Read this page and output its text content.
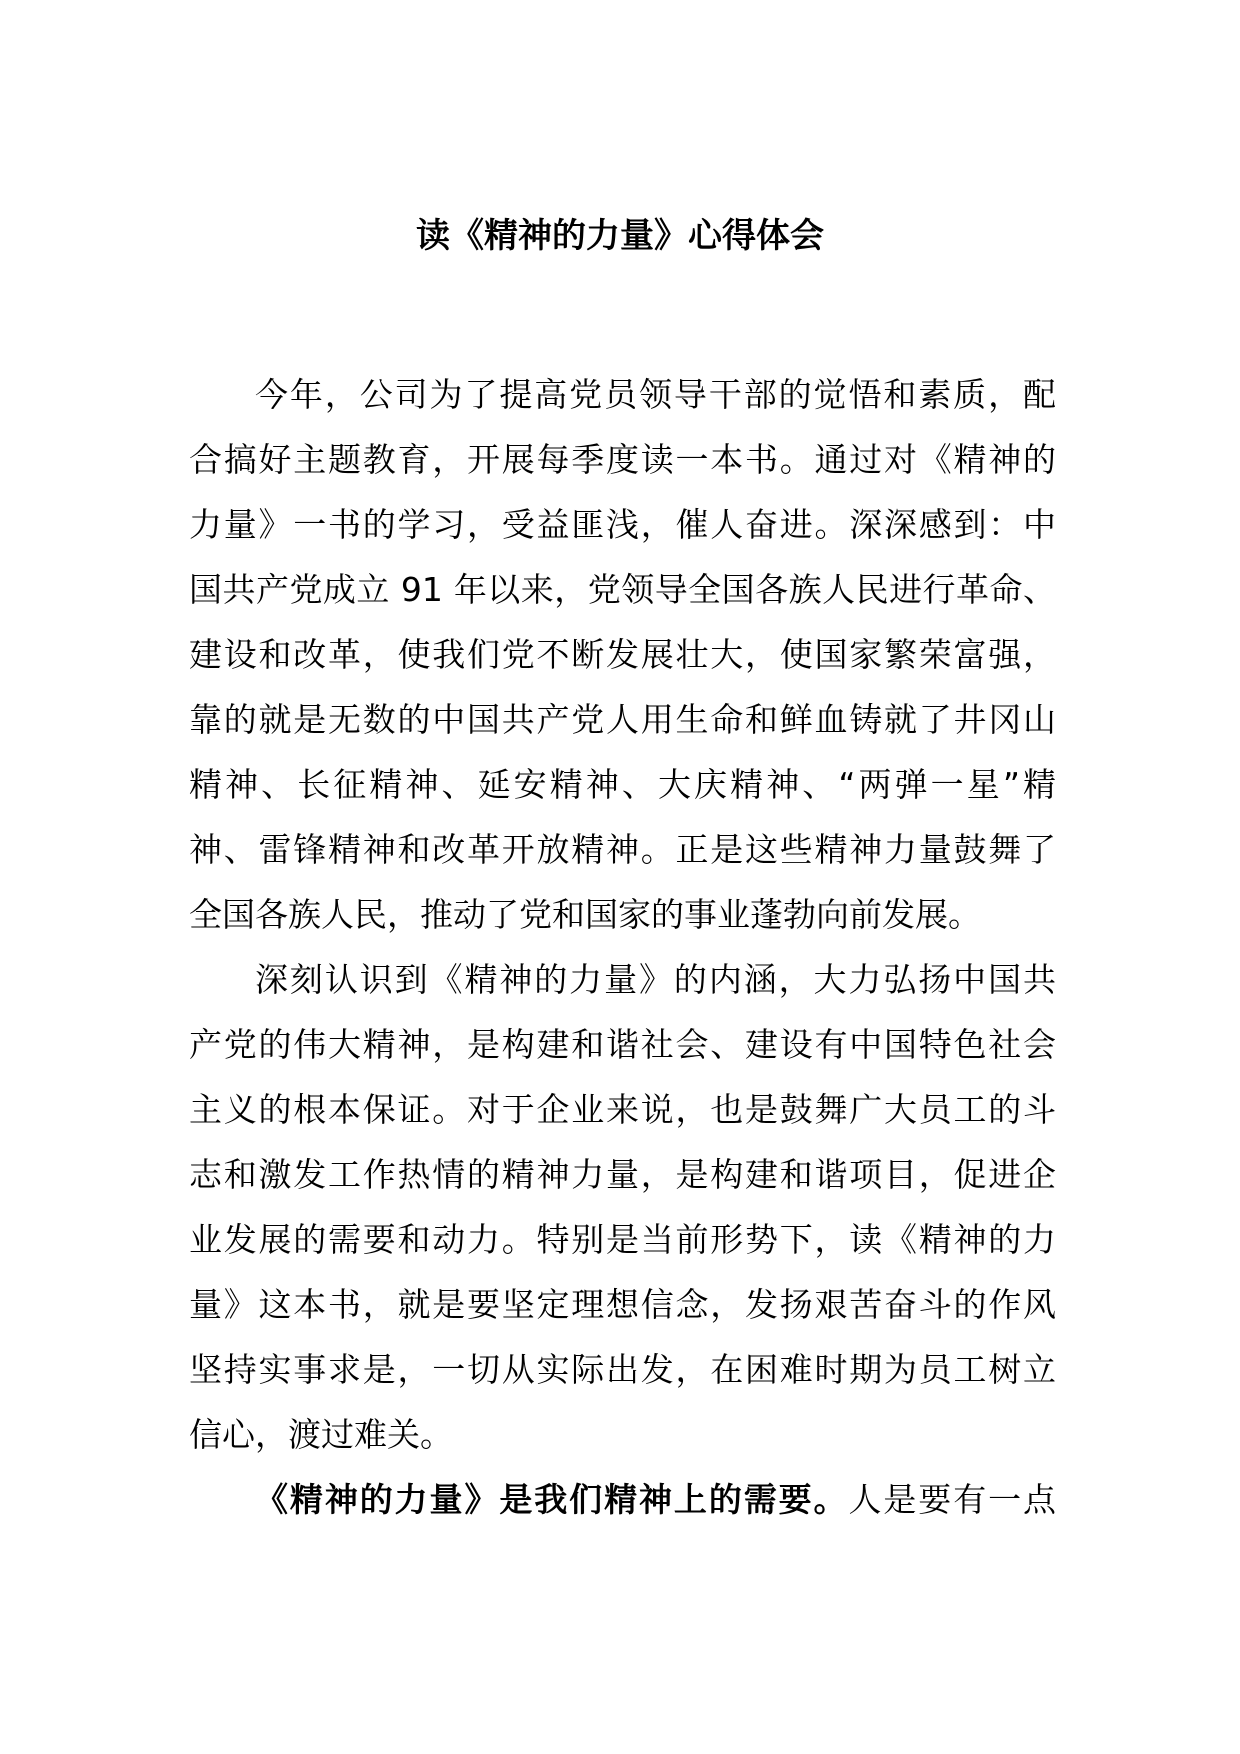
读《精神的力量》心得体会
今年，公司为了提高党员领导干部的觉悟和素质，配
合搞好主题教育，开展每季度读一本书。通过对《精神的
力量》一书的学习，受益匪浅，催人奋进。深深感到：中
国共产党成立 91 年以来，党领导全国各族人民进行革命、
建设和改革，使我们党不断发展壮大，使国家繁荣富强，
靠的就是无数的中国共产党人用生命和鲜血铸就了井冈山
精神、长征精神、延安精神、大庆精神、“两弹一星”精
神、雷锋精神和改革开放精神。正是这些精神力量鼓舞了
全国各族人民，推动了党和国家的事业蓬勃向前发展。
深刻认识到《精神的力量》的内涵，大力弘扬中国共
产党的伟大精神，是构建和谐社会、建设有中国特色社会
主义的根本保证。对于企业来说，也是鼓舞广大员工的斗
志和激发工作热情的精神力量，是构建和谐项目，促进企
业发展的需要和动力。特别是当前形势下，读《精神的力
量》这本书，就是要坚定理想信念，发扬艰苦奋斗的作风
坚持实事求是，一切从实际出发，在困难时期为员工树立
信心，渡过难关。
《精神的力量》是我们精神上的需要。人是要有一点
